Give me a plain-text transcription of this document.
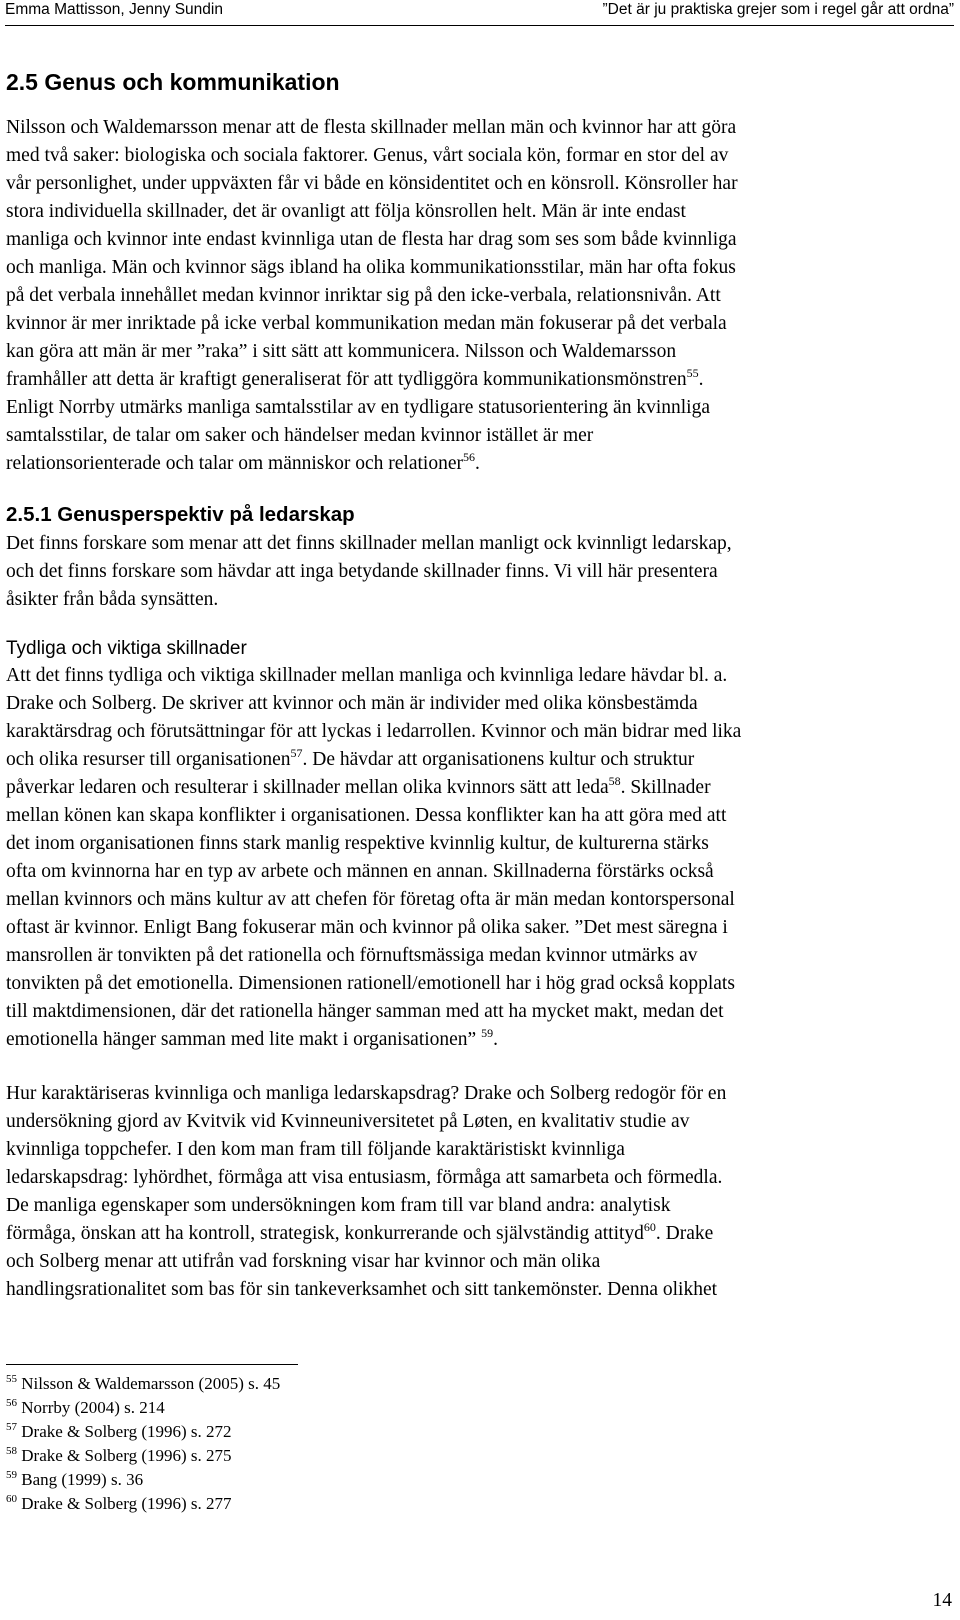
Emma Mattisson, Jenny Sundin	”Det är ju praktiska grejer som i regel går att ordna”
2.5 Genus och kommunikation
Nilsson och Waldemarsson menar att de flesta skillnader mellan män och kvinnor har att göra
med två saker: biologiska och sociala faktorer. Genus, vårt sociala kön, formar en stor del av
vår personlighet, under uppväxten får vi både en könsidentitet och en könsroll. Könsroller har
stora individuella skillnader, det är ovanligt att följa könsrollen helt. Män är inte endast
manliga och kvinnor inte endast kvinnliga utan de flesta har drag som ses som både kvinnliga
och manliga. Män och kvinnor sägs ibland ha olika kommunikationsstilar, män har ofta fokus
på det verbala innehållet medan kvinnor inriktar sig på den icke-verbala, relationsnivån. Att
kvinnor är mer inriktade på icke verbal kommunikation medan män fokuserar på det verbala
kan göra att män är mer ”raka” i sitt sätt att kommunicera. Nilsson och Waldemarsson
framhåller att detta är kraftigt generaliserat för att tydliggöra kommunikationsmönstren$^{55}$.
Enligt Norrby utmärks manliga samtalsstilar av en tydligare statusorientering än kvinnliga
samtalsstilar, de talar om saker och händelser medan kvinnor istället är mer
relationsorienterade och talar om människor och relationer$^{56}$.
2.5.1 Genusperspektiv på ledarskap
Det finns forskare som menar att det finns skillnader mellan manligt ock kvinnligt ledarskap,
och det finns forskare som hävdar att inga betydande skillnader finns. Vi vill här presentera
åsikter från båda synsätten.
Tydliga och viktiga skillnader
Att det finns tydliga och viktiga skillnader mellan manliga och kvinnliga ledare hävdar bl. a.
Drake och Solberg. De skriver att kvinnor och män är individer med olika könsbestämda
karaktärsdrag och förutsättningar för att lyckas i ledarrollen. Kvinnor och män bidrar med lika
och olika resurser till organisationen$^{57}$. De hävdar att organisationens kultur och struktur
påverkar ledaren och resulterar i skillnader mellan olika kvinnors sätt att leda$^{58}$. Skillnader
mellan könen kan skapa konflikter i organisationen. Dessa konflikter kan ha att göra med att
det inom organisationen finns stark manlig respektive kvinnlig kultur, de kulturerna stärks
ofta om kvinnorna har en typ av arbete och männen en annan. Skillnaderna förstärks också
mellan kvinnors och mäns kultur av att chefen för företag ofta är män medan kontorspersonal
oftast är kvinnor. Enligt Bang fokuserar män och kvinnor på olika saker. ”Det mest säregna i
mansrollen är tonvikten på det rationella och förnuftsmässiga medan kvinnor utmärks av
tonvikten på det emotionella. Dimensionen rationell/emotionell har i hög grad också kopplats
till maktdimensionen, där det rationella hänger samman med att ha mycket makt, medan det
emotionella hänger samman med lite makt i organisationen” $^{59}$.
Hur karaktäriseras kvinnliga och manliga ledarskapsdrag? Drake och Solberg redogör för en
undersökning gjord av Kvitvik vid Kvinneuniversitetet på Løten, en kvalitativ studie av
kvinnliga toppchefer. I den kom man fram till följande karaktäristiskt kvinnliga
ledarskapsdrag: lyhördhet, förmåga att visa entusiasm, förmåga att samarbeta och förmedla.
De manliga egenskaper som undersökningen kom fram till var bland andra: analytisk
förmåga, önskan att ha kontroll, strategisk, konkurrerande och självständig attityd$^{60}$. Drake
och Solberg menar att utifrån vad forskning visar har kvinnor och män olika
handlingsrationalitet som bas för sin tankeverksamhet och sitt tankemönster. Denna olikhet
$^{55}$ Nilsson & Waldemarsson (2005) s. 45
$^{56}$ Norrby (2004) s. 214
$^{57}$ Drake & Solberg (1996) s. 272
$^{58}$ Drake & Solberg (1996) s. 275
$^{59}$ Bang (1999) s. 36
$^{60}$ Drake & Solberg (1996) s. 277
14
